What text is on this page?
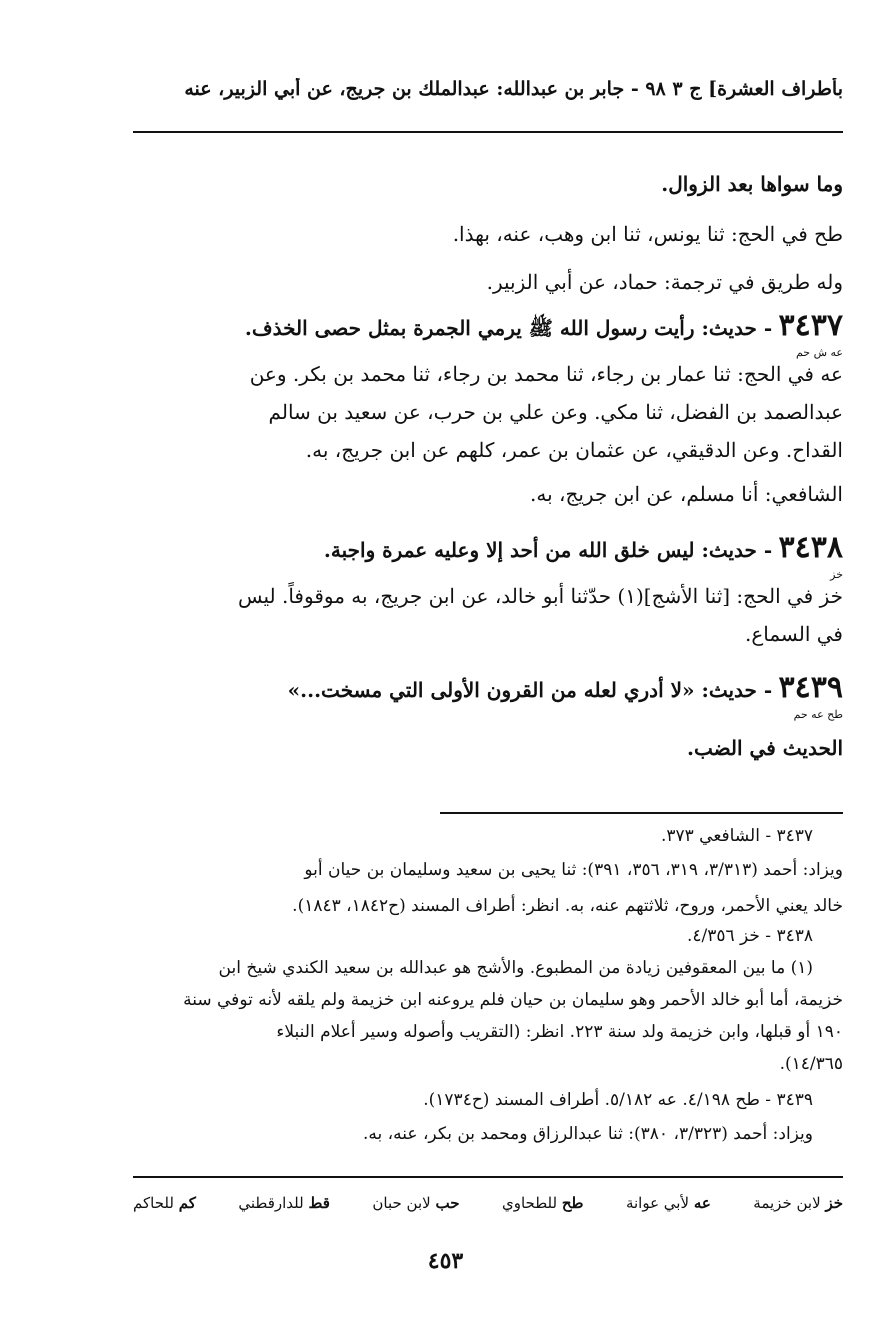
بأطراف العشرة] ج ٣ ٩٨ - جابر بن عبدالله: عبدالملك بن جريج، عن أبي الزبير، عنه
وما سواها بعد الزوال.
طح في الحج: ثنا يونس، ثنا ابن وهب، عنه، بهذا.
وله طريق في ترجمة: حماد، عن أبي الزبير.
٣٤٣٧ - حديث: رأيت رسول الله ﷺ يرمي الجمرة بمثل حصى الخذف.
عه ش حم
عه في الحج: ثنا عمار بن رجاء، ثنا محمد بن رجاء، ثنا محمد بن بكر. وعن
عبدالصمد بن الفضل، ثنا مكي. وعن علي بن حرب، عن سعيد بن سالم
القداح. وعن الدقيقي، عن عثمان بن عمر، كلهم عن ابن جريج، به.
الشافعي: أنا مسلم، عن ابن جريج، به.
٣٤٣٨ - حديث: ليس خلق الله من أحد إلا وعليه عمرة واجبة.
خز
خز في الحج: [ثنا الأشج](١) حدّثنا أبو خالد، عن ابن جريج، به موقوفاً. ليس
في السماع.
٣٤٣٩ - حديث: «لا أدري لعله من القرون الأولى التي مسخت...»
طح عه حم
الحديث في الضب.
٣٤٣٧ - الشافعي ٣٧٣.
ويزاد: أحمد (٣/٣١٣، ٣١٩، ٣٥٦، ٣٩١): ثنا يحيى بن سعيد وسليمان بن حيان أبو
خالد يعني الأحمر، وروح، ثلاثتهم عنه، به. انظر: أطراف المسند (ح١٨٤٢، ١٨٤٣).
٣٤٣٨ - خز ٤/٣٥٦.
(١) ما بين المعقوفين زيادة من المطبوع. والأشج هو عبدالله بن سعيد الكندي شيخ ابن
خزيمة، أما أبو خالد الأحمر وهو سليمان بن حيان فلم يروعنه ابن خزيمة ولم يلقه لأنه توفي سنة
١٩٠ أو قبلها، وابن خزيمة ولد سنة ٢٢٣. انظر: (التقريب وأصوله وسير أعلام النبلاء
١٤/٣٦٥).
٣٤٣٩ - طح ٤/١٩٨. عه ٥/١٨٢. أطراف المسند (ح١٧٣٤).
ويزاد: أحمد (٣/٣٢٣، ٣٨٠): ثنا عبدالرزاق ومحمد بن بكر، عنه، به.
خز لابن خزيمة
عه لأبي عوانة
طح للطحاوي
حب لابن حبان
قط للدارقطني
كم للحاكم
٤٥٣
